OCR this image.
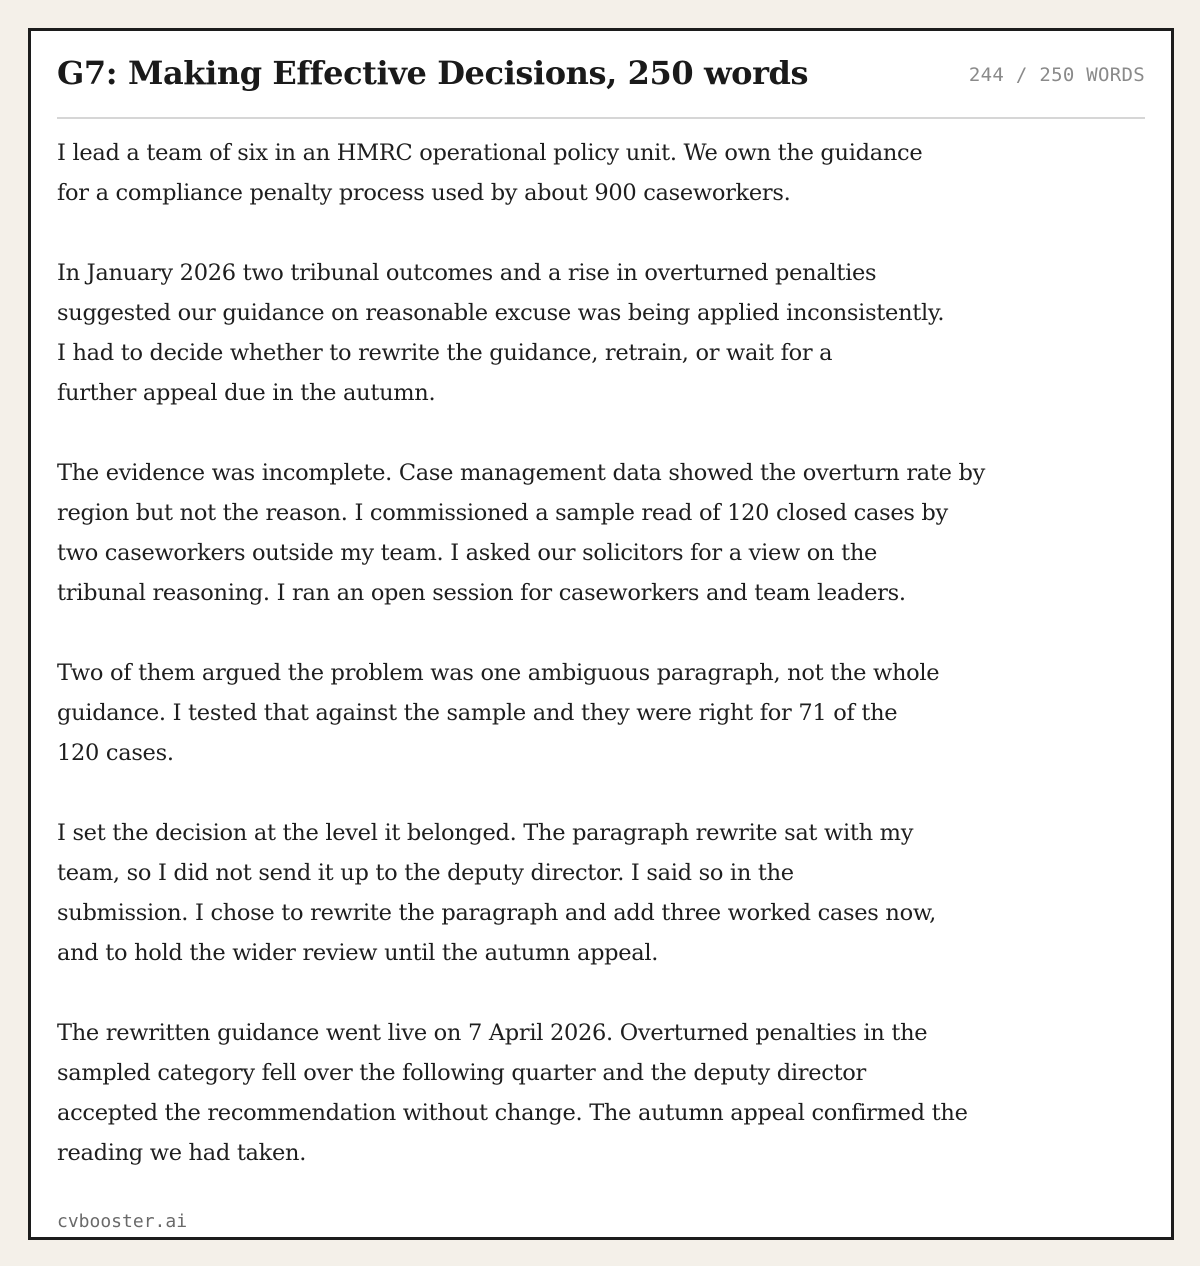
G7: Making Effective Decisions, 250 words	244 / 250 WORDS

I lead a team of six in an HMRC operational policy unit. We own the guidance
for a compliance penalty process used by about 900 caseworkers.

In January 2026 two tribunal outcomes and a rise in overturned penalties
suggested our guidance on reasonable excuse was being applied inconsistently.
I had to decide whether to rewrite the guidance, retrain, or wait for a
further appeal due in the autumn.

The evidence was incomplete. Case management data showed the overturn rate by
region but not the reason. I commissioned a sample read of 120 closed cases by
two caseworkers outside my team. I asked our solicitors for a view on the
tribunal reasoning. I ran an open session for caseworkers and team leaders.

Two of them argued the problem was one ambiguous paragraph, not the whole
guidance. I tested that against the sample and they were right for 71 of the
120 cases.

I set the decision at the level it belonged. The paragraph rewrite sat with my
team, so I did not send it up to the deputy director. I said so in the
submission. I chose to rewrite the paragraph and add three worked cases now,
and to hold the wider review until the autumn appeal.

The rewritten guidance went live on 7 April 2026. Overturned penalties in the
sampled category fell over the following quarter and the deputy director
accepted the recommendation without change. The autumn appeal confirmed the
reading we had taken.

cvbooster.ai
